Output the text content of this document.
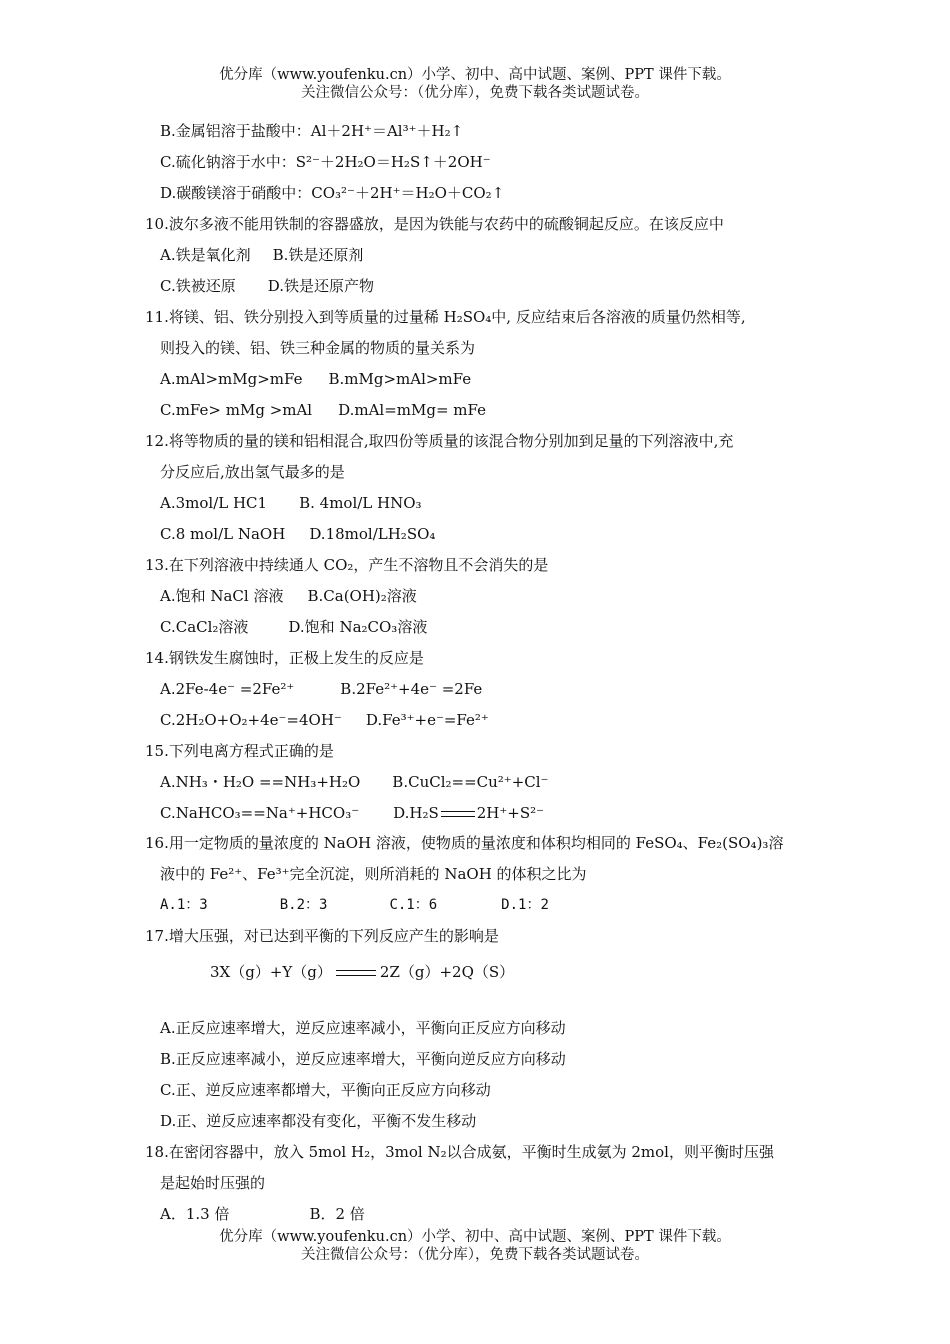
优分库（www.youfenku.cn）小学、初中、高中试题、案例、PPT 课件下载。
关注微信公众号：（优分库），免费下载各类试题试卷。
B.金属铝溶于盐酸中：Al＋2H⁺＝Al³⁺＋H₂↑
C.硫化钠溶于水中：S²⁻＋2H₂O＝H₂S↑＋2OH⁻
D.碳酸镁溶于硝酸中：CO₃²⁻＋2H⁺＝H₂O＋CO₂↑
10.波尔多液不能用铁制的容器盛放，是因为铁能与农药中的硫酸铜起反应。在该反应中
A.铁是氧化剂 B.铁是还原剂
C.铁被还原 D.铁是还原产物
11.将镁、铝、铁分别投入到等质量的过量稀 H₂SO₄中, 反应结束后各溶液的质量仍然相等,
则投入的镁、铝、铁三种金属的物质的量关系为
A.mAl>mMg>mFe B.mMg>mAl>mFe
C.mFe> mMg >mAl D.mAl=mMg= mFe
12.将等物质的量的镁和铝相混合,取四份等质量的该混合物分别加到足量的下列溶液中,充
分反应后,放出氢气最多的是
A.3mol/L HC1 B. 4mol/L HNO₃
C.8 mol/L NaOH D.18mol/LH₂SO₄
13.在下列溶液中持续通人 CO₂，产生不溶物且不会消失的是
A.饱和 NaCl 溶液 B.Ca(OH)₂溶液
C.CaCl₂溶液	D.饱和 Na₂CO₃溶液
14.钢铁发生腐蚀时，正极上发生的反应是
A.2Fe-4e⁻ =2Fe²⁺	B.2Fe²⁺+4e⁻ =2Fe
C.2H₂O+O₂+4e⁻=4OH⁻ D.Fe³⁺+e⁻=Fe²⁺
15.下列电离方程式正确的是
A.NH₃・H₂O ==NH₃+H₂O B.CuCl₂==Cu²⁺+Cl⁻
C.NaHCO₃==Na⁺+HCO₃⁻ D.H₂S	2H⁺+S²⁻
16.用一定物质的量浓度的 NaOH 溶液，使物质的量浓度和体积均相同的 FeSO₄、Fe₂(SO₄)₃溶
液中的 Fe²⁺、Fe³⁺完全沉淀，则所消耗的 NaOH 的体积之比为
A.1：3	B.2：3	C.1：6	D.1：2
17.增大压强，对已达到平衡的下列反应产生的影响是
3X（g）+Y（g）	2Z（g）+2Q（S）
A.正反应速率增大，逆反应速率减小，平衡向正反应方向移动
B.正反应速率减小，逆反应速率增大，平衡向逆反应方向移动
C.正、逆反应速率都增大，平衡向正反应方向移动
D.正、逆反应速率都没有变化，平衡不发生移动
18.在密闭容器中，放入 5mol H₂，3mol N₂以合成氨，平衡时生成氨为 2mol，则平衡时压强
是起始时压强的
A．1.3 倍	B．2 倍
优分库（www.youfenku.cn）小学、初中、高中试题、案例、PPT 课件下载。
关注微信公众号：（优分库），免费下载各类试题试卷。
